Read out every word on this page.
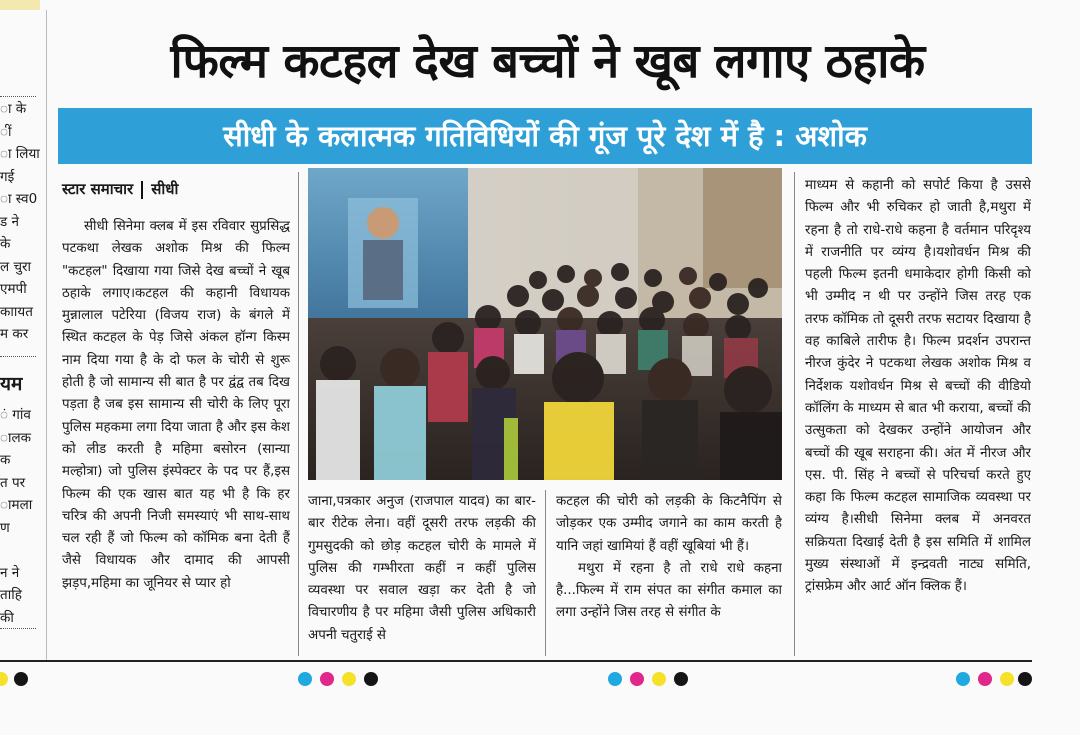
ा के
ीं
ा लिया
गई
ा स्व0
ड ने
के
ल चुरा
एमपी
काायत
म कर
यम
ं गांव
ालक
क
त पर
ामला
ण
न ने
ताहि
की
फिल्म कटहल देख बच्चों ने खूब लगाए ठहाके
सीधी के कलात्मक गतिविधियों की गूंज पूरे देश में है : अशोक
स्टार समाचार सीधी

सीधी सिनेमा क्लब में इस रविवार सुप्रसिद्ध पटकथा लेखक अशोक मिश्र की फिल्म "कटहल" दिखाया गया जिसे देख बच्चों ने खूब ठहाके लगाए।कटहल की कहानी विधायक मुन्नालाल पटेरिया (विजय राज) के बंगले में स्थित कटहल के पेड़ जिसे अंकल हॉन्ग किस्म नाम दिया गया है के दो फल के चोरी से शुरू होती है जो सामान्य सी बात है पर द्वंद्व तब दिख पड़ता है जब इस सामान्य सी चोरी के लिए पूरा पुलिस महकमा लगा दिया जाता है और इस केश को लीड करती है महिमा बसोरन (सान्या मल्होत्रा) जो पुलिस इंस्पेक्टर के पद पर हैं,इस फिल्म की एक खास बात यह भी है कि हर चरित्र की अपनी निजी समस्याएं भी साथ-साथ चल रही हैं जो फिल्म को कॉमिक बना देती हैं जैसे विधायक और दामाद की आपसी झड़प,महिमा का जूनियर से प्यार हो

जाना,पत्रकार अनुज (राजपाल यादव) का बार-बार रीटेक लेना। वहीं दूसरी तरफ लड़की की गुमसुदकी को छोड़ कटहल चोरी के मामले में पुलिस की गम्भीरता कहीं न कहीं पुलिस व्यवस्था पर सवाल खड़ा कर देती है जो विचारणीय है पर महिमा जैसी पुलिस अधिकारी अपनी चतुराई से

कटहल की चोरी को लड़की के किटनैपिंग से जोड़कर एक उम्मीद जगाने का काम करती है यानि जहां खामियां हैं वहीं खूबियां भी हैं।

मथुरा में रहना है तो राधे राधे कहना है...फिल्म में राम संपत का संगीत कमाल का लगा उन्होंने जिस तरह से संगीत के

माध्यम से कहानी को सपोर्ट किया है उससे फिल्म और भी रुचिकर हो जाती है,मथुरा में रहना है तो राधे-राधे कहना है वर्तमान परिदृश्य में राजनीति पर व्यंग्य है।यशोवर्धन मिश्र की पहली फिल्म इतनी धमाकेदार होगी किसी को भी उम्मीद न थी पर उन्होंने जिस तरह एक तरफ कॉमिक तो दूसरी तरफ सटायर दिखाया है वह काबिले तारीफ है। फिल्म प्रदर्शन उपरान्त नीरज कुंदेर ने पटकथा लेखक अशोक मिश्र व निर्देशक यशोवर्धन मिश्र से बच्चों की वीडियो कॉलिंग के माध्यम से बात भी कराया, बच्चों की उत्सुकता को देखकर उन्होंने आयोजन और बच्चों की खूब सराहना की। अंत में नीरज और एस. पी. सिंह ने बच्चों से परिचर्चा करते हुए कहा कि फिल्म कटहल सामाजिक व्यवस्था पर व्यंग्य है।सीधी सिनेमा क्लब में अनवरत सक्रियता दिखाई देती है इस समिति में शामिल मुख्य संस्थाओं में इन्द्रवती नाट्य समिति, ट्रांसफ्रेम और आर्ट ऑन क्लिक हैं।
